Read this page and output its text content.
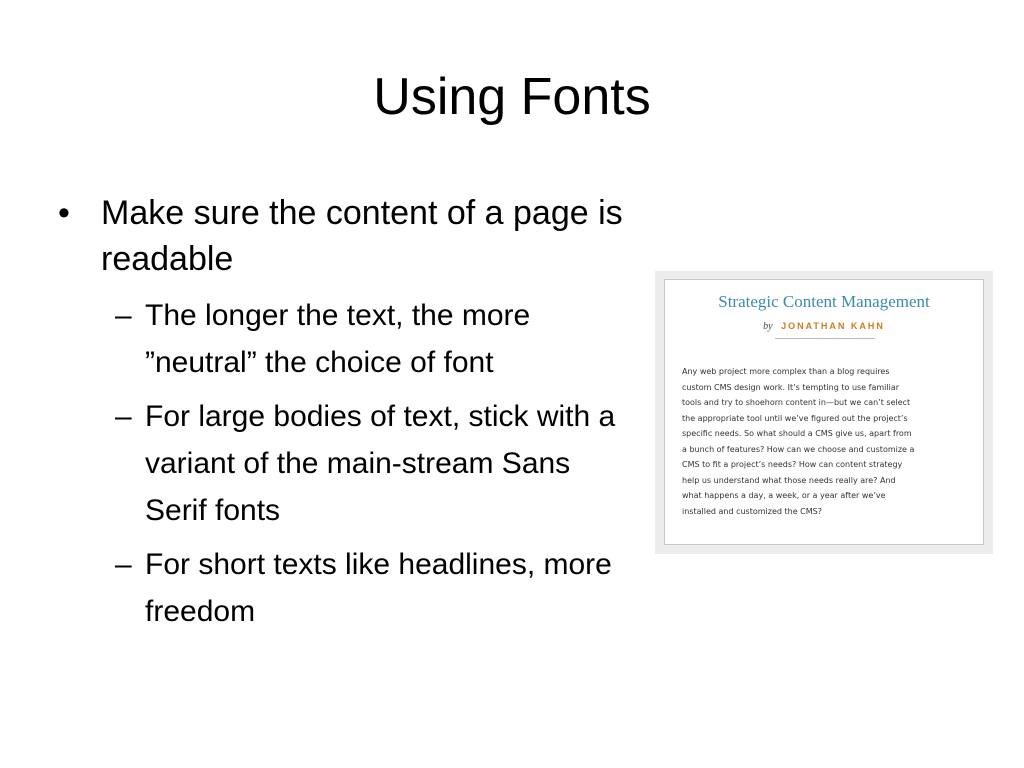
Using Fonts
• Make sure the content of a page is readable
– The longer the text, the more ”neutral” the choice of font
– For large bodies of text, stick with a variant of the main-stream Sans Serif fonts
– For short texts like headlines, more freedom
Strategic Content Management
by JONATHAN KAHN
Any web project more complex than a blog requires
custom CMS design work. It’s tempting to use familiar
tools and try to shoehorn content in—but we can’t select
the appropriate tool until we’ve figured out the project’s
specific needs. So what should a CMS give us, apart from
a bunch of features? How can we choose and customize a
CMS to fit a project’s needs? How can content strategy
help us understand what those needs really are? And
what happens a day, a week, or a year after we’ve
installed and customized the CMS?
